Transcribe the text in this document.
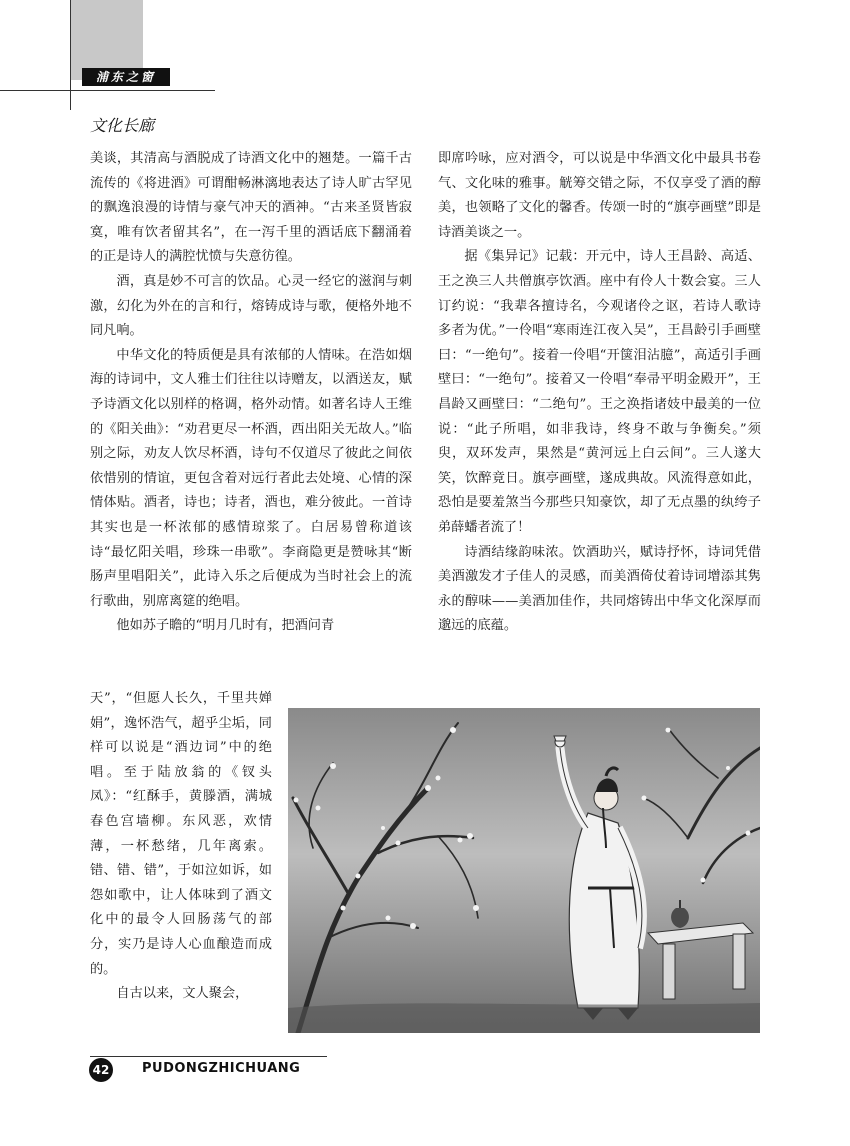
浦东之窗
文化长廊

美谈，其清高与酒脱成了诗酒文化中的翘楚。一篇千古流传的《将进酒》可谓酣畅淋漓地表达了诗人旷古罕见的飘逸浪漫的诗情与豪气冲天的酒神。“古来圣贤皆寂寞，唯有饮者留其名”，在一泻千里的酒话底下翻涌着的正是诗人的满腔忧愤与失意彷徨。

酒，真是妙不可言的饮品。心灵一经它的滋润与刺激，幻化为外在的言和行，熔铸成诗与歌，便格外地不同凡响。

中华文化的特质便是具有浓郁的人情味。在浩如烟海的诗词中，文人雅士们往往以诗赠友，以酒送友，赋予诗酒文化以别样的格调，格外动情。如著名诗人王维的《阳关曲》：“劝君更尽一杯酒，西出阳关无故人。”临别之际，劝友人饮尽杯酒，诗句不仅道尽了彼此之间依依惜别的情谊，更包含着对远行者此去处境、心情的深情体贴。酒者，诗也；诗者，酒也，难分彼此。一首诗其实也是一杯浓郁的感情琼浆了。白居易曾称道该诗“最忆阳关唱，珍珠一串歌”。李商隐更是赞咏其“断肠声里唱阳关”，此诗入乐之后便成为当时社会上的流行歌曲，别席离筵的绝唱。

他如苏子瞻的“明月几时有，把酒问青

天”，“但愿人长久，千里共婵娟”，逸怀浩气，超乎尘垢，同样可以说是“酒边词”中的绝唱。至于陆放翁的《钗头凤》：“红酥手，黄滕酒，满城春色宫墙柳。东风恶，欢情薄，一杯愁绪，几年离索。错、错、错”，于如泣如诉，如怨如歌中，让人体味到了酒文化中的最令人回肠荡气的部分，实乃是诗人心血酿造而成的。

自古以来，文人聚会，

即席吟咏，应对酒令，可以说是中华酒文化中最具书卷气、文化味的雅事。觥筹交错之际，不仅享受了酒的醇美，也领略了文化的馨香。传颂一时的“旗亭画壁”即是诗酒美谈之一。

据《集异记》记载：开元中，诗人王昌龄、高适、王之涣三人共僧旗亭饮酒。座中有伶人十数会宴。三人订约说：“我辈各擅诗名，今观诸伶之讴，若诗人歌诗多者为优。”一伶唱“寒雨连江夜入吴”，王昌龄引手画壁曰：“一绝句”。接着一伶唱“开箧泪沾臆”，高适引手画壁曰：“一绝句”。接着又一伶唱“奉帚平明金殿开”，王昌龄又画壁曰：“二绝句”。王之涣指诸妓中最美的一位说：“此子所唱，如非我诗，终身不敢与争衡矣。”须臾，双环发声，果然是“黄河远上白云间”。三人遂大笑，饮醉竟日。旗亭画壁，遂成典故。风流得意如此，恐怕是要羞煞当今那些只知豪饮，却了无点墨的纨绔子弟薛蟠者流了！

诗酒结缘韵味浓。饮酒助兴，赋诗抒怀，诗词凭借美酒激发才子佳人的灵感，而美酒倚仗着诗词增添其隽永的醇味——美酒加佳作，共同熔铸出中华文化深厚而邈远的底蕴。

42	PUDONGZHICHUANG
